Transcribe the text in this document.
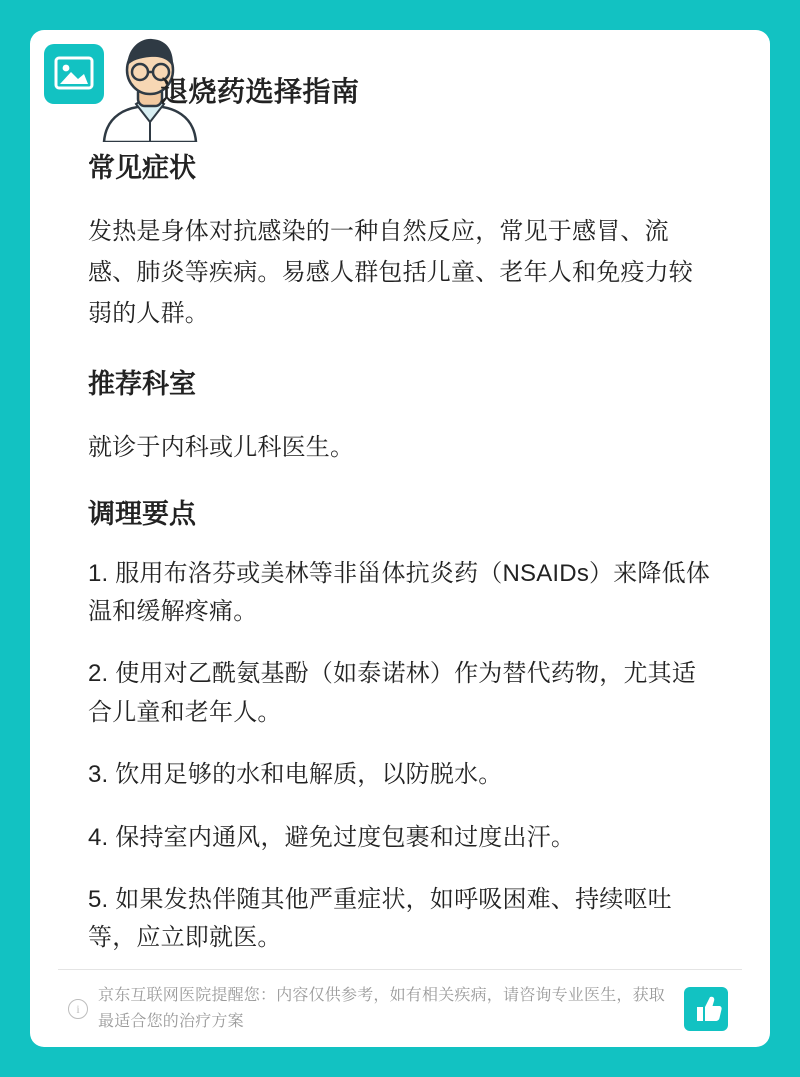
退烧药选择指南
常见症状

发热是身体对抗感染的一种自然反应，常见于感冒、流感、肺炎等疾病。易感人群包括儿童、老年人和免疫力较弱的人群。

推荐科室

就诊于内科或儿科医生。

调理要点

1. 服用布洛芬或美林等非甾体抗炎药（NSAIDs）来降低体温和缓解疼痛。

2. 使用对乙酰氨基酚（如泰诺林）作为替代药物，尤其适合儿童和老年人。

3. 饮用足够的水和电解质，以防脱水。

4. 保持室内通风，避免过度包裹和过度出汗。

5. 如果发热伴随其他严重症状，如呼吸困难、持续呕吐等，应立即就医。

i
京东互联网医院提醒您：内容仅供参考，如有相关疾病，请咨询专业医生，获取最适合您的治疗方案
